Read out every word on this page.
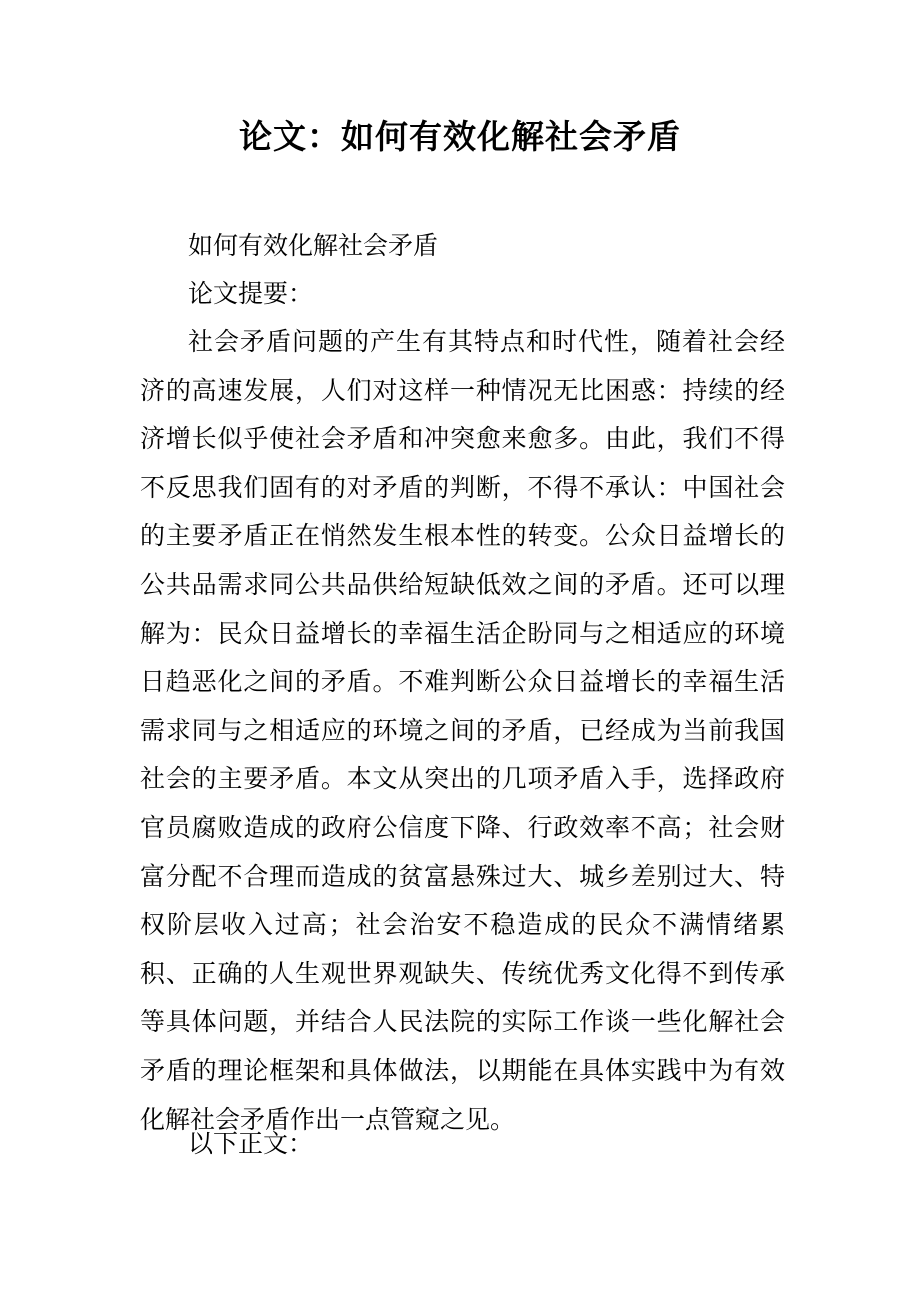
论文：如何有效化解社会矛盾

如何有效化解社会矛盾

论文提要：

社会矛盾问题的产生有其特点和时代性，随着社会经济的高速发展，人们对这样一种情况无比困惑：持续的经济增长似乎使社会矛盾和冲突愈来愈多。由此，我们不得不反思我们固有的对矛盾的判断，不得不承认：中国社会的主要矛盾正在悄然发生根本性的转变。公众日益增长的公共品需求同公共品供给短缺低效之间的矛盾。还可以理解为：民众日益增长的幸福生活企盼同与之相适应的环境日趋恶化之间的矛盾。不难判断公众日益增长的幸福生活需求同与之相适应的环境之间的矛盾，已经成为当前我国社会的主要矛盾。本文从突出的几项矛盾入手，选择政府官员腐败造成的政府公信度下降、行政效率不高；社会财富分配不合理而造成的贫富悬殊过大、城乡差别过大、特权阶层收入过高；社会治安不稳造成的民众不满情绪累积、正确的人生观世界观缺失、传统优秀文化得不到传承等具体问题，并结合人民法院的实际工作谈一些化解社会矛盾的理论框架和具体做法，以期能在具体实践中为有效化解社会矛盾作出一点管窥之见。

以下正文：
